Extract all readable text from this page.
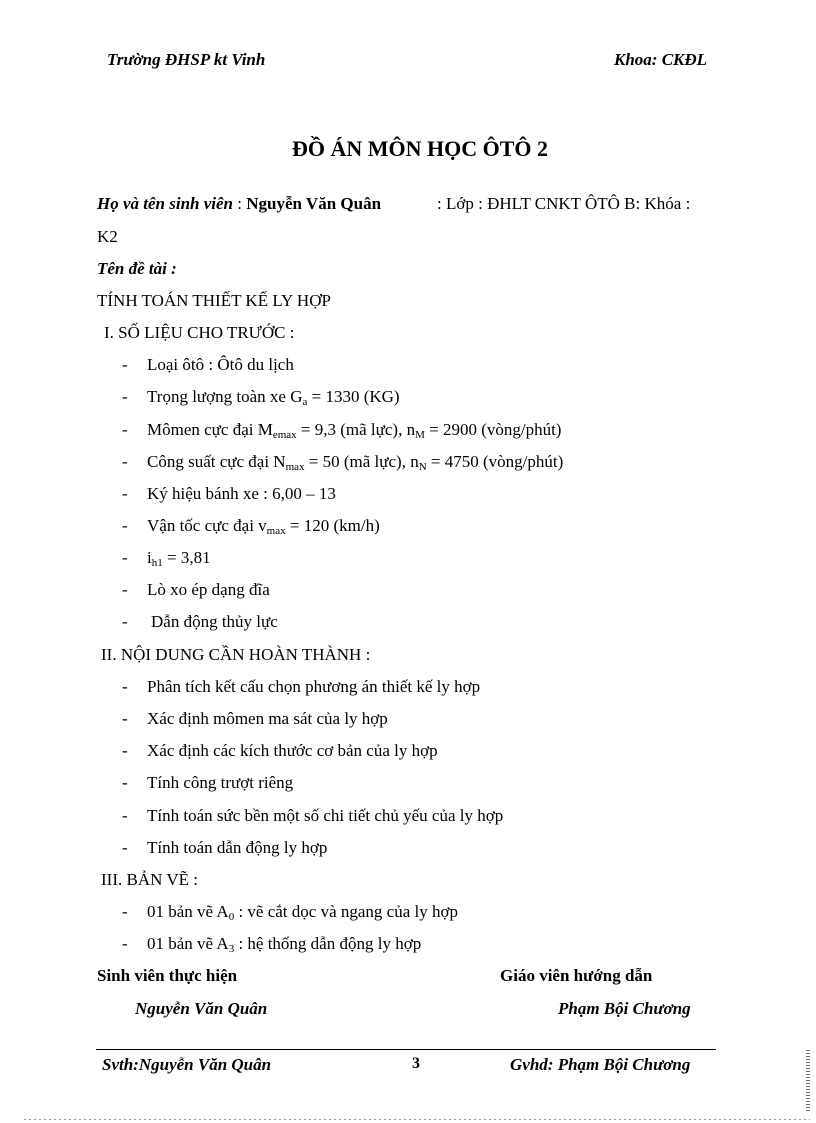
Trường ĐHSP kt Vinh	Khoa: CKĐL
ĐỒ ÁN MÔN HỌC ÔTÔ 2
Họ và tên sinh viên : Nguyễn Văn Quân	: Lớp : ĐHLT CNKT ÔTÔ B: Khóa :
K2
Tên đề tài :
TÍNH TOÁN THIẾT KẾ LY HỢP
I. SỐ LIỆU CHO TRƯỚC :
- Loại ôtô : Ôtô du lịch
- Trọng lượng toàn xe $G_a = 1330$ (KG)
- Mômen cực đại $M_{emax} = 9,3$ (mã lực), $n_M = 2900$ (vòng/phút)
- Công suất cực đại $N_{max} = 50$ (mã lực), $n_N = 4750$ (vòng/phút)
- Ký hiệu bánh xe : 6,00 – 13
- Vận tốc cực đại $v_{max} = 120$ (km/h)
- $i_{h1} = 3,81$
- Lò xo ép dạng đĩa
- Dẫn động thủy lực
II. NỘI DUNG CẦN HOÀN THÀNH :
- Phân tích kết cấu chọn phương án thiết kế ly hợp
- Xác định mômen ma sát của ly hợp
- Xác định các kích thước cơ bản của ly hợp
- Tính công trượt riêng
- Tính toán sức bền một số chi tiết chủ yếu của ly hợp
- Tính toán dẫn động ly hợp
III. BẢN VẼ :
- 01 bản vẽ $A_0$ : vẽ cắt dọc và ngang của ly hợp
- 01 bản vẽ $A_3$ : hệ thống dẫn động ly hợp
Sinh viên thực hiện	Giáo viên hướng dẫn
Nguyễn Văn Quân	Phạm Bội Chương
Svth:Nguyễn Văn Quân	3	Gvhd: Phạm Bội Chương
